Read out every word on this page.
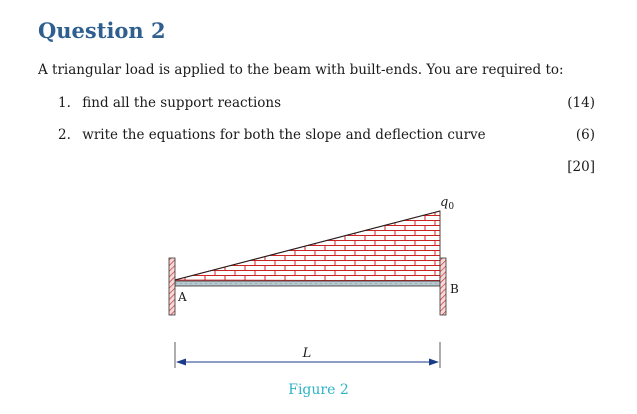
Question 2
A triangular load is applied to the beam with built-ends. You are required to:
1. find all the support reactions	(14)
2. write the equations for both the slope and deflection curve	(6)
[20]
A
B
$q_0$
L
Figure 2
